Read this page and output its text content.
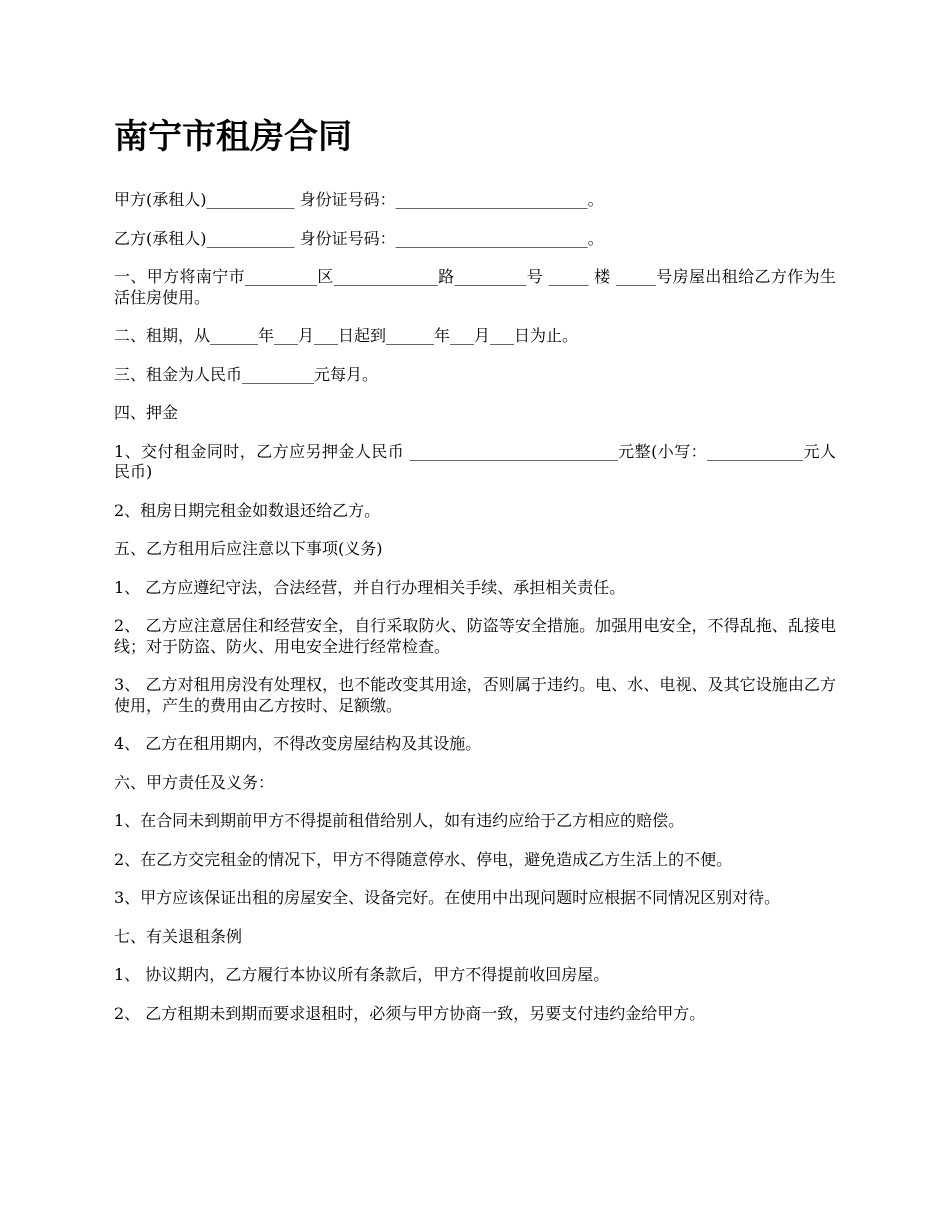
南宁市租房合同

甲方(承租人)___________ 身份证号码：________________________。

乙方(承租人)___________ 身份证号码：________________________。

一、甲方将南宁市_________区_____________路_________号 _____ 楼 _____号房屋出租给乙方作为生活住房使用。

二、租期，从______年___月___日起到______年___月___日为止。

三、租金为人民币_________元每月。

四、押金

1、交付租金同时，乙方应另押金人民币 __________________________元整(小写：____________元人民币)

2、租房日期完租金如数退还给乙方。

五、乙方租用后应注意以下事项(义务)

1、 乙方应遵纪守法，合法经营，并自行办理相关手续、承担相关责任。

2、 乙方应注意居住和经营安全，自行采取防火、防盗等安全措施。加强用电安全，不得乱拖、乱接电线；对于防盗、防火、用电安全进行经常检查。

3、 乙方对租用房没有处理权，也不能改变其用途，否则属于违约。电、水、电视、及其它设施由乙方使用，产生的费用由乙方按时、足额缴。

4、 乙方在租用期内，不得改变房屋结构及其设施。

六、甲方责任及义务：

1、在合同未到期前甲方不得提前租借给别人，如有违约应给于乙方相应的赔偿。

2、在乙方交完租金的情况下，甲方不得随意停水、停电，避免造成乙方生活上的不便。

3、甲方应该保证出租的房屋安全、设备完好。在使用中出现问题时应根据不同情况区别对待。

七、有关退租条例

1、 协议期内，乙方履行本协议所有条款后，甲方不得提前收回房屋。

2、 乙方租期未到期而要求退租时，必须与甲方协商一致，另要支付违约金给甲方。
